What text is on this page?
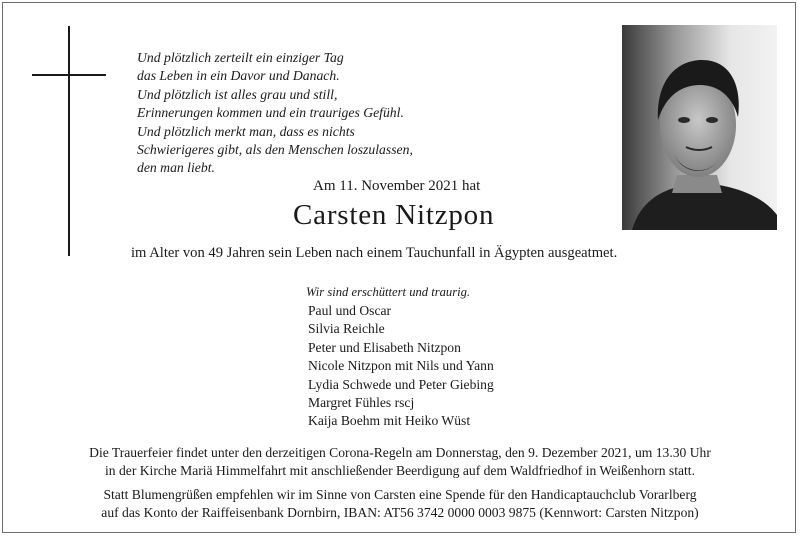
Und plötzlich zerteilt ein einziger Tag
das Leben in ein Davor und Danach.
Und plötzlich ist alles grau und still,
Erinnerungen kommen und ein trauriges Gefühl.
Und plötzlich merkt man, dass es nichts
Schwierigeres gibt, als den Menschen loszulassen,
den man liebt.
Am 11. November 2021 hat
Carsten Nitzpon
im Alter von 49 Jahren sein Leben nach einem Tauchunfall in Ägypten ausgeatmet.
Wir sind erschüttert und traurig.
Paul und Oscar
Silvia Reichle
Peter und Elisabeth Nitzpon
Nicole Nitzpon mit Nils und Yann
Lydia Schwede und Peter Giebing
Margret Fühles rscj
Kaija Boehm mit Heiko Wüst
Die Trauerfeier findet unter den derzeitigen Corona-Regeln am Donnerstag, den 9. Dezember 2021, um 13.30 Uhr
in der Kirche Mariä Himmelfahrt mit anschließender Beerdigung auf dem Waldfriedhof in Weißenhorn statt.
Statt Blumengrüßen empfehlen wir im Sinne von Carsten eine Spende für den Handicaptauchclub Vorarlberg
auf das Konto der Raiffeisenbank Dornbirn, IBAN: AT56 3742 0000 0003 9875 (Kennwort: Carsten Nitzpon)
